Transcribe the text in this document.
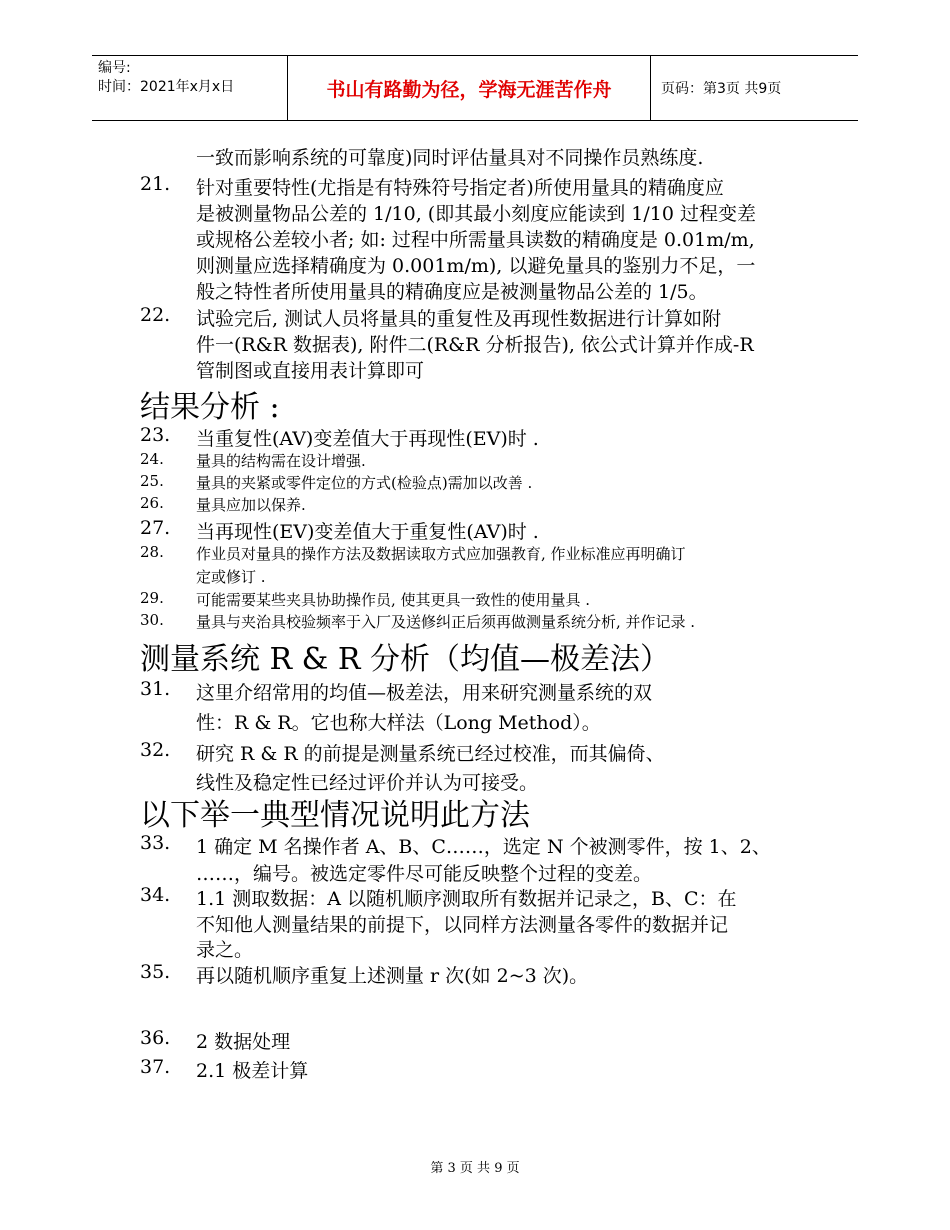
编号:
时间：2021年x月x日	书山有路勤为径，学海无涯苦作舟	页码：第3页 共9页
一致而影响系统的可靠度)同时评估量具对不同操作员熟练度.
21. 针对重要特性(尤指是有特殊符号指定者)所使用量具的精确度应
是被测量物品公差的 1/10, (即其最小刻度应能读到 1/10 过程变差
或规格公差较小者; 如: 过程中所需量具读数的精确度是 0.01m/m,
则测量应选择精确度为 0.001m/m), 以避免量具的鉴别力不足，一
般之特性者所使用量具的精确度应是被测量物品公差的 1/5。
22. 试验完后, 测试人员将量具的重复性及再现性数据进行计算如附
件一(R&R 数据表), 附件二(R&R 分析报告), 依公式计算并作成-R
管制图或直接用表计算即可
结果分析 :
23. 当重复性(AV)变差值大于再现性(EV)时 .
24. 量具的结构需在设计增强.
25. 量具的夹紧或零件定位的方式(检验点)需加以改善 .
26. 量具应加以保养.
27. 当再现性(EV)变差值大于重复性(AV)时 .
28. 作业员对量具的操作方法及数据读取方式应加强教育, 作业标准应再明确订
定或修订 .
29. 可能需要某些夹具协助操作员, 使其更具一致性的使用量具 .
30. 量具与夹治具校验频率于入厂及送修纠正后须再做测量系统分析, 并作记录 .
测量系统 R & R 分析（均值—极差法）
31. 这里介绍常用的均值—极差法，用来研究测量系统的双
性：R & R。它也称大样法（Long Method）。
32. 研究 R & R 的前提是测量系统已经过校准，而其偏倚、
线性及稳定性已经过评价并认为可接受。
以下举一典型情况说明此方法
33. 1 确定 M 名操作者 A、B、C……，选定 N 个被测零件，按 1、2、
……，编号。被选定零件尽可能反映整个过程的变差。
34. 1.1 测取数据：A 以随机顺序测取所有数据并记录之，B、C：在
不知他人测量结果的前提下，以同样方法测量各零件的数据并记
录之。
35. 再以随机顺序重复上述测量 r 次(如 2~3 次)。
36. 2 数据处理
37. 2.1 极差计算
第 3 页 共 9 页
